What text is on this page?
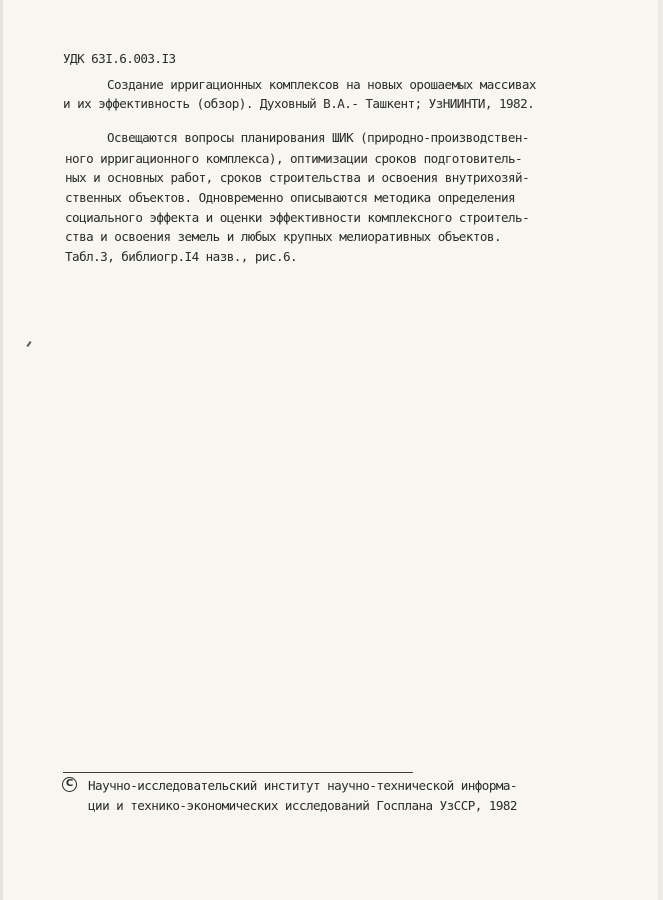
УДК 63I.6.003.I3
Создание ирригационных комплексов на новых орошаемых массивах
и их эффективность (обзор). Духовный В.А.- Ташкент; УзНИИНТИ, 1982.
Освещаются вопросы планирования ШИК (природно-производствен-
ного ирригационного комплекса), оптимизации сроков подготовитель-
ных и основных работ, сроков строительства и освоения внутрихозяй-
ственных объектов. Одновременно описываются методика определения
социального эффекта и оценки эффективности комплексного строитель-
ства и освоения земель и любых крупных мелиоративных объектов.
Табл.3, библиогр.I4 назв., рис.6.
C	Научно-исследовательский институт научно-технической информа-
ции и технико-экономических исследований Госплана УзССР, 1982
